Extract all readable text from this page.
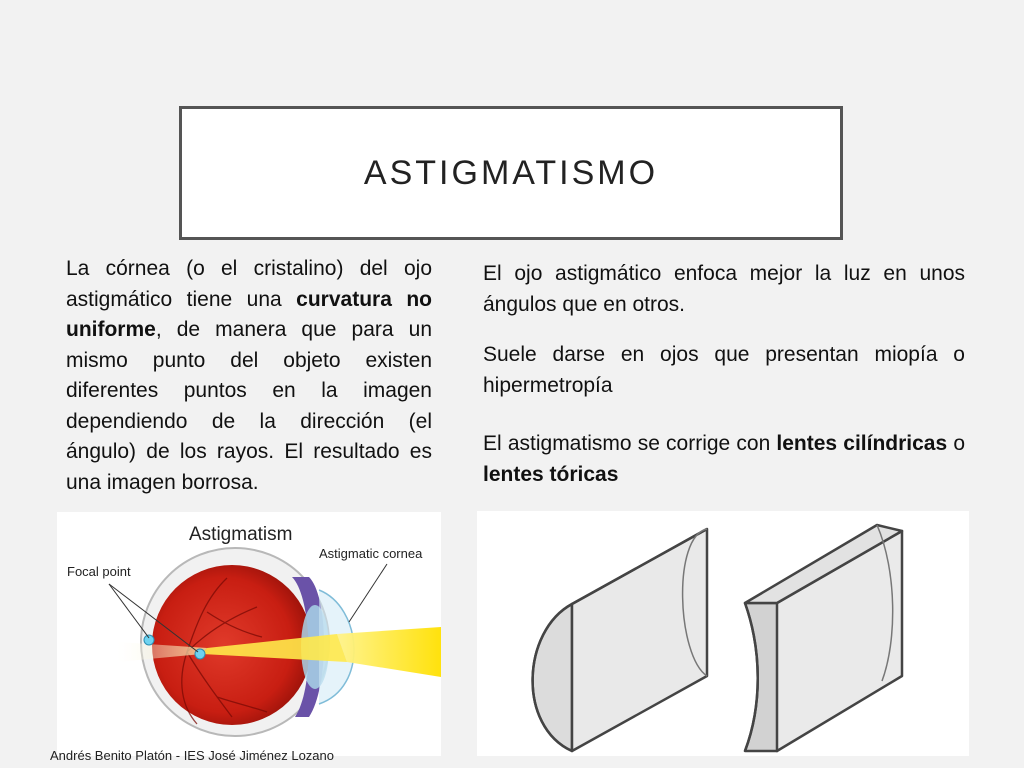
ASTIGMATISMO

La córnea (o el cristalino) del ojo astigmático tiene una curvatura no uniforme, de manera que para un mismo punto del objeto existen diferentes puntos en la imagen dependiendo de la dirección (el ángulo) de los rayos. El resultado es una imagen borrosa.

El ojo astigmático enfoca mejor la luz en unos ángulos que en otros.

Suele darse en ojos que presentan miopía o hipermetropía

El astigmatismo se corrige con lentes cilíndricas o lentes tóricas

Astigmatism
Astigmatic cornea
Focal point
Andrés Benito Platón - IES José Jiménez Lozano
